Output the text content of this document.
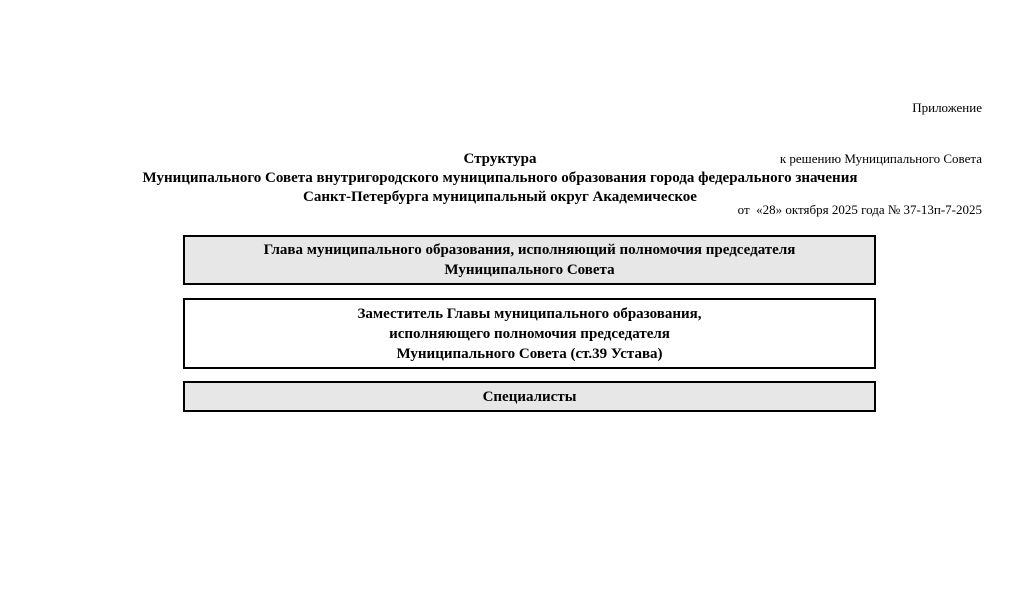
Приложение

к решению Муниципального Совета

от  «28» октября 2025 года № 37-13п-7-2025

Структура
Муниципального Совета внутригородского муниципального образования города федерального значения
Санкт-Петербурга муниципальный округ Академическое
Глава муниципального образования, исполняющий полномочия председателя
Муниципального Совета
Заместитель Главы муниципального образования,
исполняющего полномочия председателя
Муниципального Совета (ст.39 Устава)
Специалисты
